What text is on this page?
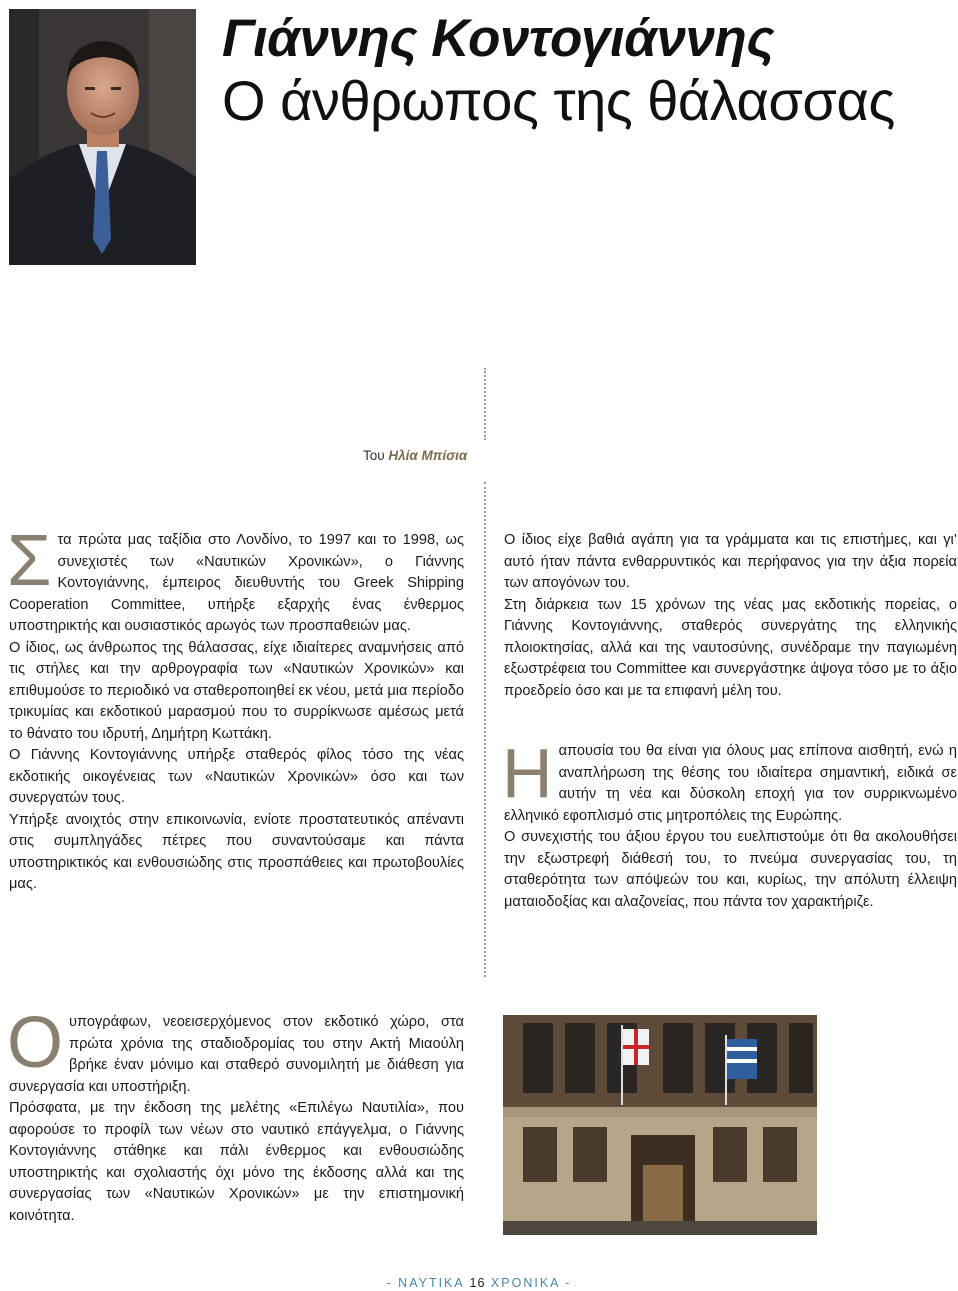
Γιάννης Κοντογιάννης
Ο άνθρωπος της θάλασσας
Του Ηλία Μπίσια

Στα πρώτα μας ταξίδια στο Λονδίνο, το 1997 και το 1998, ως συνεχιστές των «Ναυτικών Χρονικών», ο Γιάννης Κοντογιάννης, έμπειρος διευθυντής του Greek Shipping Cooperation Committee, υπήρξε εξαρχής ένας ένθερμος υποστηρικτής και ουσιαστικός αρωγός των προσπαθειών μας.

Ο ίδιος, ως άνθρωπος της θάλασσας, είχε ιδιαίτερες αναμνήσεις από τις στήλες και την αρθρογραφία των «Ναυτικών Χρονικών» και επιθυμούσε το περιοδικό να σταθεροποιηθεί εκ νέου, μετά μια περίοδο τρικυμίας και εκδοτικού μαρασμού που το συρρίκνωσε αμέσως μετά το θάνατο του ιδρυτή, Δημήτρη Κωττάκη.

Ο Γιάννης Κοντογιάννης υπήρξε σταθερός φίλος τόσο της νέας εκδοτικής οικογένειας των «Ναυτικών Χρονικών» όσο και των συνεργατών τους.

Υπήρξε ανοιχτός στην επικοινωνία, ενίοτε προστατευτικός απέναντι στις συμπληγάδες πέτρες που συναντούσαμε και πάντα υποστηρικτικός και ενθουσιώδης στις προσπάθειες και πρωτοβουλίες μας.

Ουπογράφων, νεοεισερχόμενος στον εκδοτικό χώρο, στα πρώτα χρόνια της σταδιοδρομίας του στην Ακτή Μιαούλη βρήκε έναν μόνιμο και σταθερό συνομιλητή με διάθεση για συνεργασία και υποστήριξη.

Πρόσφατα, με την έκδοση της μελέτης «Επιλέγω Ναυτιλία», που αφορούσε το προφίλ των νέων στο ναυτικό επάγγελμα, ο Γιάννης Κοντογιάννης στάθηκε και πάλι ένθερμος και ενθουσιώδης υποστηρικτής και σχολιαστής όχι μόνο της έκδοσης αλλά και της συνεργασίας των «Ναυτικών Χρονικών» με την επιστημονική κοινότητα.

Ο ίδιος είχε βαθιά αγάπη για τα γράμματα και τις επιστήμες, και γι’ αυτό ήταν πάντα ενθαρρυντικός και περήφανος για την άξια πορεία των απογόνων του.

Στη διάρκεια των 15 χρόνων της νέας μας εκδοτικής πορείας, ο Γιάννης Κοντογιάννης, σταθερός συνεργάτης της ελληνικής πλοιοκτησίας, αλλά και της ναυτοσύνης, συνέδραμε την παγιωμένη εξωστρέφεια του Committee και συνεργάστηκε άψογα τόσο με το άξιο προεδρείο όσο και με τα επιφανή μέλη του.

Ηαπουσία του θα είναι για όλους μας επίπονα αισθητή, ενώ η αναπλήρωση της θέσης του ιδιαίτερα σημαντική, ειδικά σε αυτήν τη νέα και δύσκολη εποχή για τον συρρικνωμένο ελληνικό εφοπλισμό στις μητροπόλεις της Ευρώπης.

Ο συνεχιστής του άξιου έργου του ευελπιστούμε ότι θα ακολουθήσει την εξωστρεφή διάθεσή του, το πνεύμα συνεργασίας του, τη σταθερότητα των απόψεών του και, κυρίως, την απόλυτη έλλειψη ματαιοδοξίας και αλαζονείας, που πάντα τον χαρακτήριζε.

- ΝΑΥΤΙΚΑ 16 ΧΡΟΝΙΚΑ -
